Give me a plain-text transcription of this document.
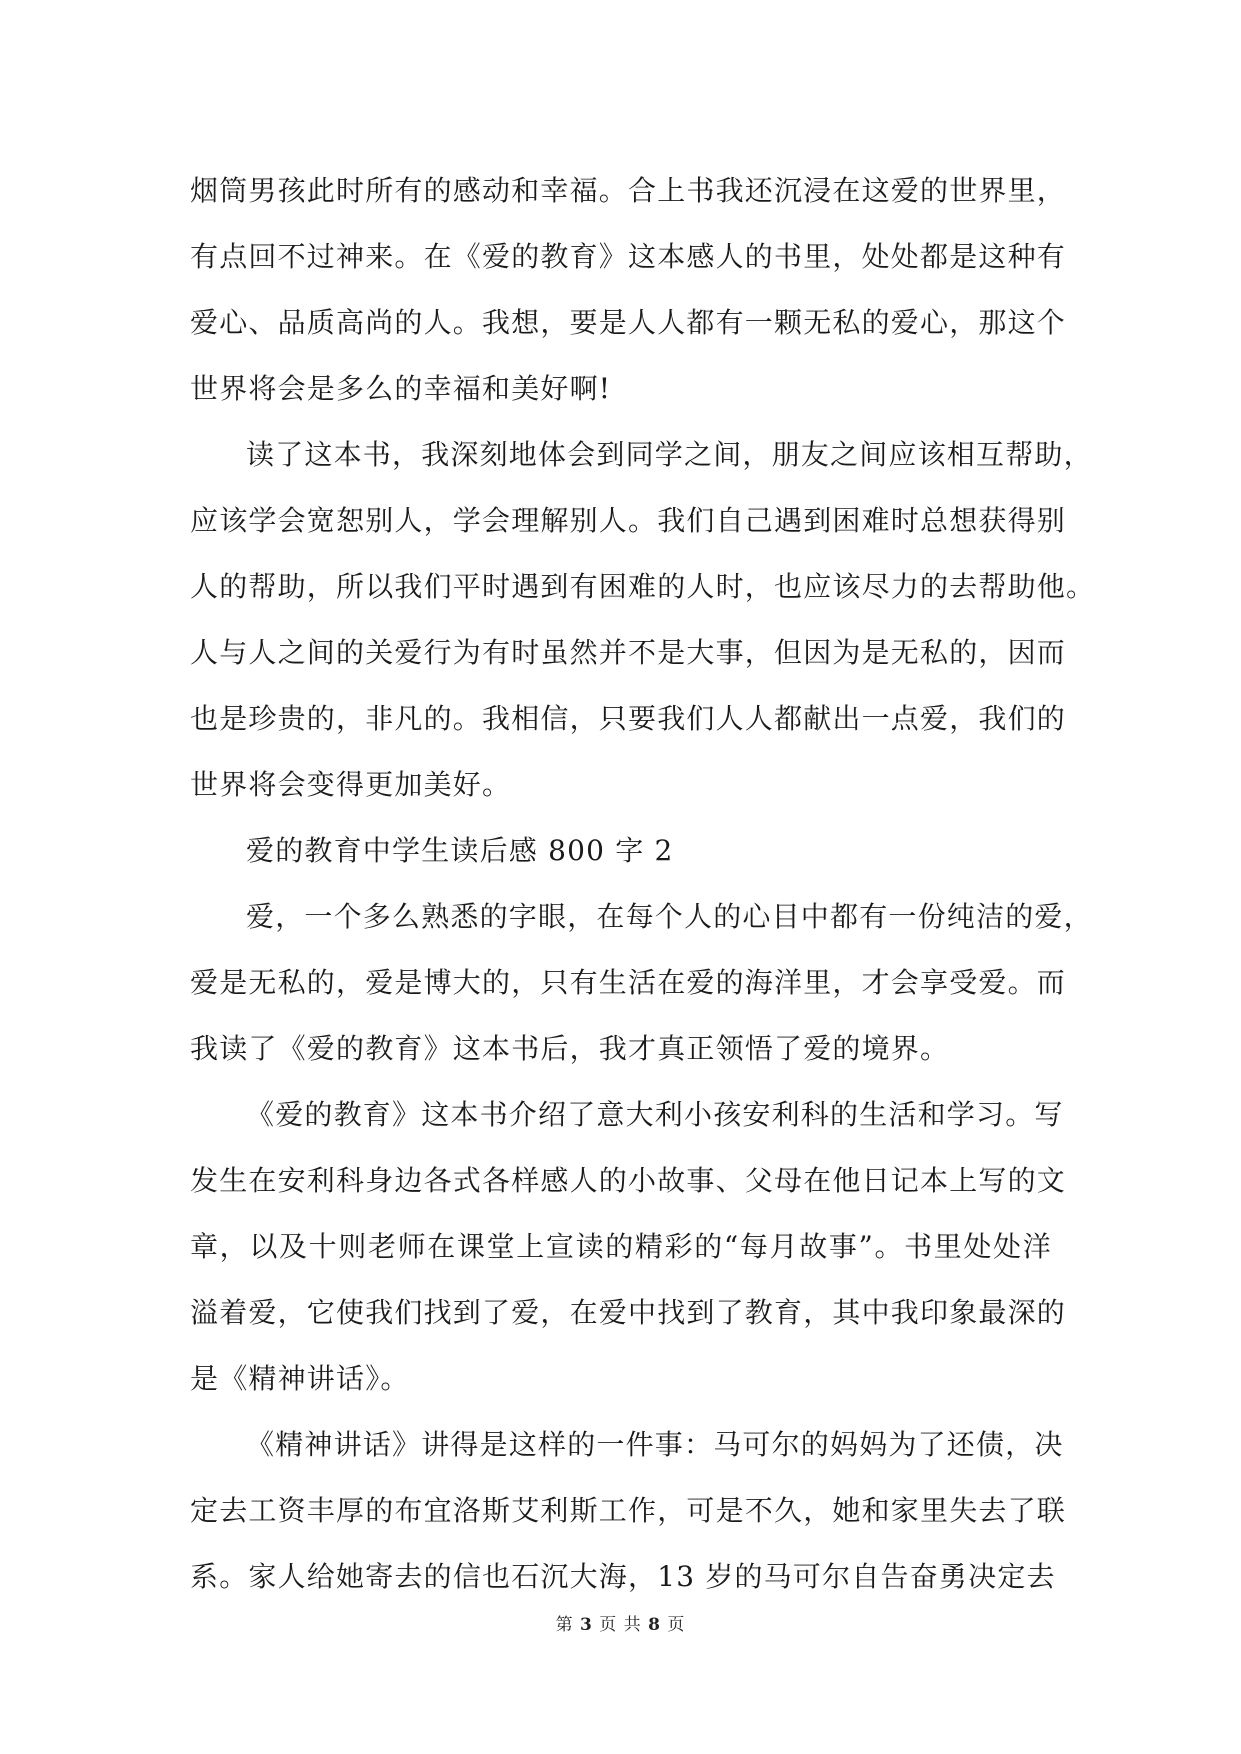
烟筒男孩此时所有的感动和幸福。合上书我还沉浸在这爱的世界里，
有点回不过神来。在《爱的教育》这本感人的书里，处处都是这种有
爱心、品质高尚的人。我想，要是人人都有一颗无私的爱心，那这个
世界将会是多么的幸福和美好啊!
读了这本书，我深刻地体会到同学之间，朋友之间应该相互帮助，
应该学会宽恕别人，学会理解别人。我们自己遇到困难时总想获得别
人的帮助，所以我们平时遇到有困难的人时，也应该尽力的去帮助他。
人与人之间的关爱行为有时虽然并不是大事，但因为是无私的，因而
也是珍贵的，非凡的。我相信，只要我们人人都献出一点爱，我们的
世界将会变得更加美好。
爱的教育中学生读后感 800 字 2
爱，一个多么熟悉的字眼，在每个人的心目中都有一份纯洁的爱，
爱是无私的，爱是博大的，只有生活在爱的海洋里，才会享受爱。而
我读了《爱的教育》这本书后，我才真正领悟了爱的境界。
《爱的教育》这本书介绍了意大利小孩安利科的生活和学习。写
发生在安利科身边各式各样感人的小故事、父母在他日记本上写的文
章，以及十则老师在课堂上宣读的精彩的“每月故事”。书里处处洋
溢着爱，它使我们找到了爱，在爱中找到了教育，其中我印象最深的
是《精神讲话》。
《精神讲话》讲得是这样的一件事：马可尔的妈妈为了还债，决
定去工资丰厚的布宜洛斯艾利斯工作，可是不久，她和家里失去了联
系。家人给她寄去的信也石沉大海，13 岁的马可尔自告奋勇决定去
第 3 页 共 8 页
